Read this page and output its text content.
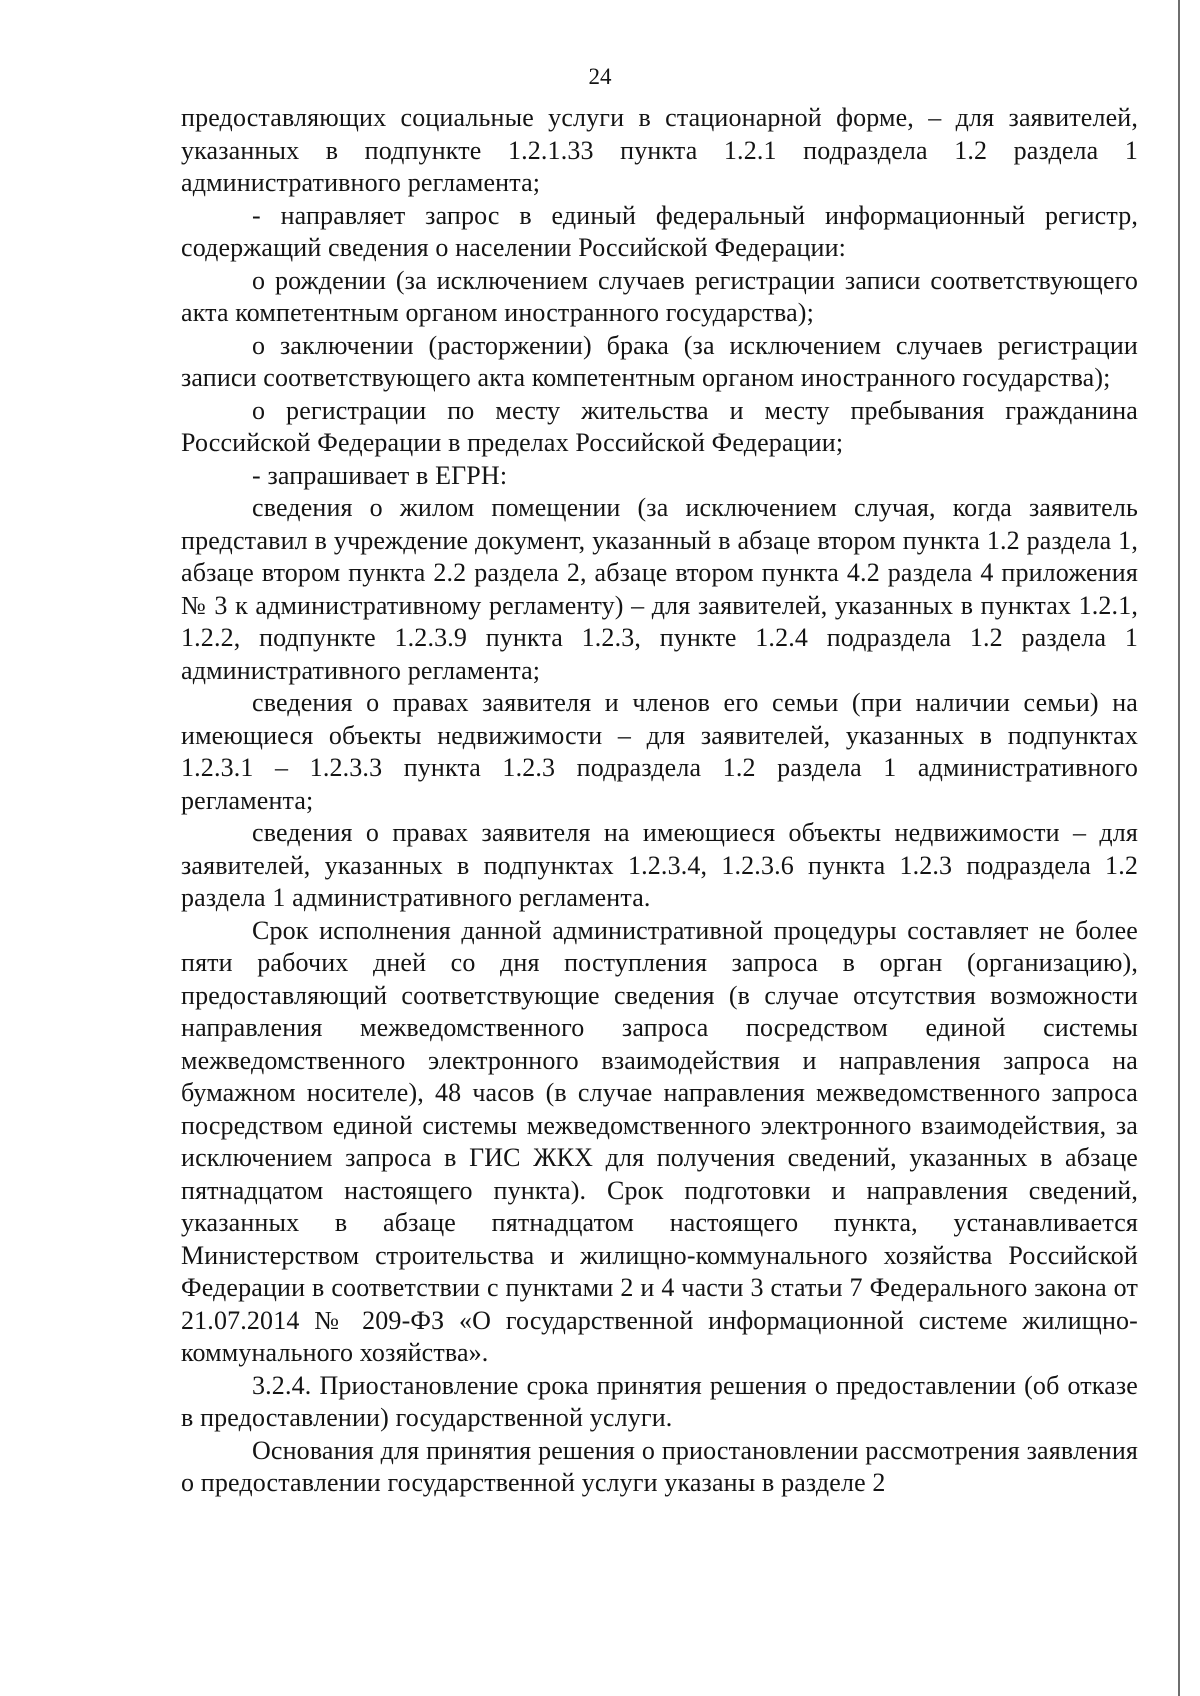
24

предоставляющих социальные услуги в стационарной форме, – для заявителей, указанных в подпункте 1.2.1.33 пункта 1.2.1 подраздела 1.2 раздела 1 административного регламента;

- направляет запрос в единый федеральный информационный регистр, содержащий сведения о населении Российской Федерации:

о рождении (за исключением случаев регистрации записи соответствующего акта компетентным органом иностранного государства);

о заключении (расторжении) брака (за исключением случаев регистрации записи соответствующего акта компетентным органом иностранного государства);

о регистрации по месту жительства и месту пребывания гражданина Российской Федерации в пределах Российской Федерации;

- запрашивает в ЕГРН:

сведения о жилом помещении (за исключением случая, когда заявитель представил в учреждение документ, указанный в абзаце втором пункта 1.2 раздела 1, абзаце втором пункта 2.2 раздела 2, абзаце втором пункта 4.2 раздела 4 приложения № 3 к административному регламенту) – для заявителей, указанных в пунктах 1.2.1, 1.2.2, подпункте 1.2.3.9 пункта 1.2.3, пункте 1.2.4 подраздела 1.2 раздела 1 административного регламента;

сведения о правах заявителя и членов его семьи (при наличии семьи) на имеющиеся объекты недвижимости – для заявителей, указанных в подпунктах 1.2.3.1 – 1.2.3.3 пункта 1.2.3 подраздела 1.2 раздела 1 административного регламента;

сведения о правах заявителя на имеющиеся объекты недвижимости – для заявителей, указанных в подпунктах 1.2.3.4, 1.2.3.6 пункта 1.2.3 подраздела 1.2 раздела 1 административного регламента.

Срок исполнения данной административной процедуры составляет не более пяти рабочих дней со дня поступления запроса в орган (организацию), предоставляющий соответствующие сведения (в случае отсутствия возможности направления межведомственного запроса посредством единой системы межведомственного электронного взаимодействия и направления запроса на бумажном носителе), 48 часов (в случае направления межведомственного запроса посредством единой системы межведомственного электронного взаимодействия, за исключением запроса в ГИС ЖКХ для получения сведений, указанных в абзаце пятнадцатом настоящего пункта). Срок подготовки и направления сведений, указанных в абзаце пятнадцатом настоящего пункта, устанавливается Министерством строительства и жилищно-коммунального хозяйства Российской Федерации в соответствии с пунктами 2 и 4 части 3 статьи 7 Федерального закона от 21.07.2014 № 209-ФЗ «О государственной информационной системе жилищно-коммунального хозяйства».

3.2.4. Приостановление срока принятия решения о предоставлении (об отказе в предоставлении) государственной услуги.

Основания для принятия решения о приостановлении рассмотрения заявления о предоставлении государственной услуги указаны в разделе 2
